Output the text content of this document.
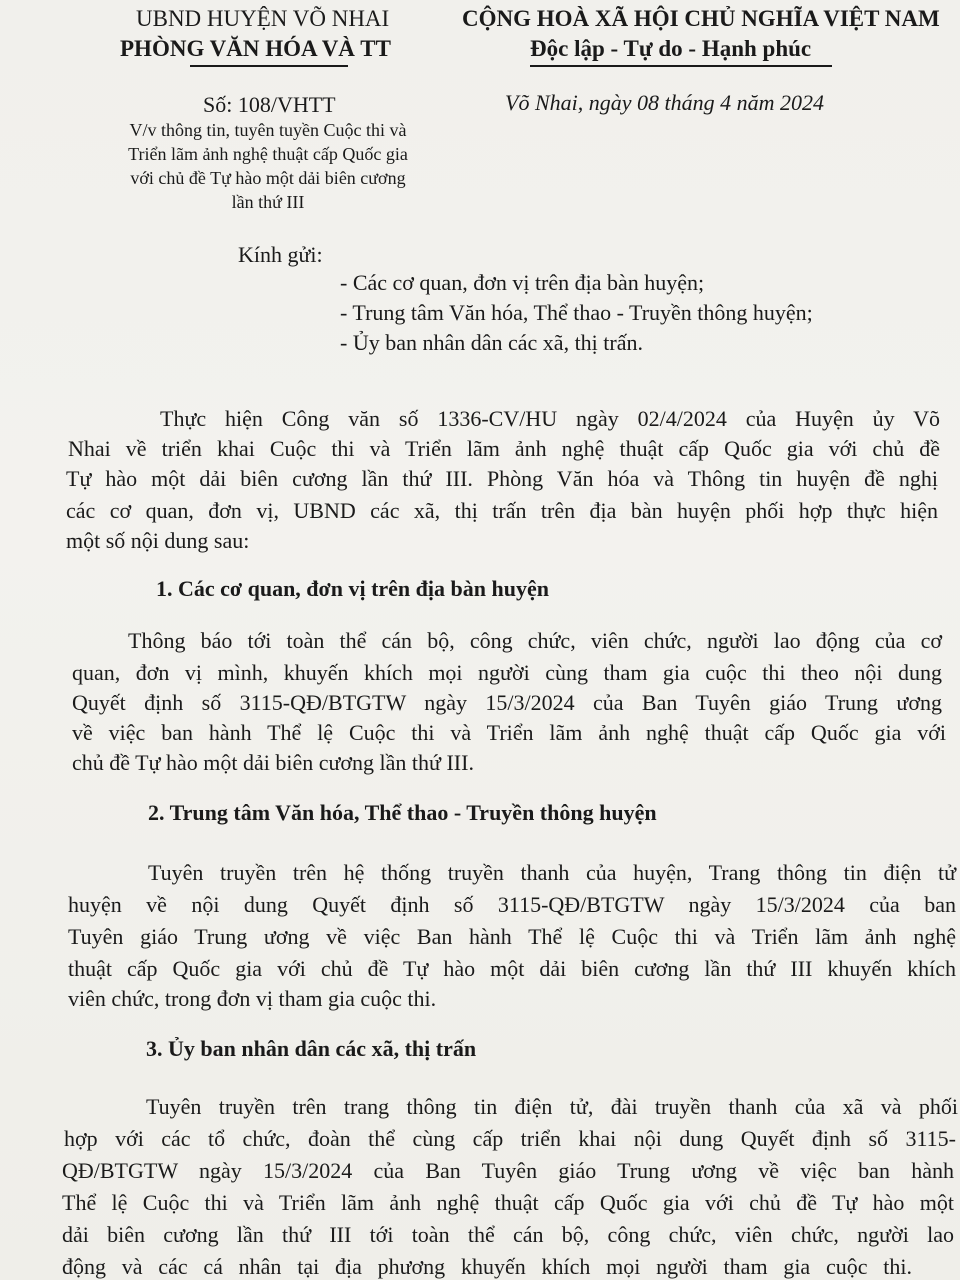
UBND HUYỆN VÕ NHAI
PHÒNG VĂN HÓA VÀ TT
CỘNG HOÀ XÃ HỘI CHỦ NGHĨA VIỆT NAM
Độc lập - Tự do - Hạnh phúc
Số: 108/VHTT	Võ Nhai, ngày 08 tháng 4 năm 2024
V/v thông tin, tuyên tuyền Cuộc thi và
Triển lãm ảnh nghệ thuật cấp Quốc gia
với chủ đề Tự hào một dải biên cương
lần thứ III
Kính gửi:
- Các cơ quan, đơn vị trên địa bàn huyện;
- Trung tâm Văn hóa, Thể thao - Truyền thông huyện;
- Ủy ban nhân dân các xã, thị trấn.
Thực hiện Công văn số 1336-CV/HU ngày 02/4/2024 của Huyện ủy Võ
Nhai về triển khai Cuộc thi và Triển lãm ảnh nghệ thuật cấp Quốc gia với chủ đề
Tự hào một dải biên cương lần thứ III. Phòng Văn hóa và Thông tin huyện đề nghị
các cơ quan, đơn vị, UBND các xã, thị trấn trên địa bàn huyện phối hợp thực hiện
một số nội dung sau:
1. Các cơ quan, đơn vị trên địa bàn huyện
Thông báo tới toàn thể cán bộ, công chức, viên chức, người lao động của cơ
quan, đơn vị mình, khuyến khích mọi người cùng tham gia cuộc thi theo nội dung
Quyết định số 3115-QĐ/BTGTW ngày 15/3/2024 của Ban Tuyên giáo Trung ương
về việc ban hành Thể lệ Cuộc thi và Triển lãm ảnh nghệ thuật cấp Quốc gia với
chủ đề Tự hào một dải biên cương lần thứ III.
2. Trung tâm Văn hóa, Thể thao - Truyền thông huyện
Tuyên truyền trên hệ thống truyền thanh của huyện, Trang thông tin điện tử
huyện về nội dung Quyết định số 3115-QĐ/BTGTW ngày 15/3/2024 của ban
Tuyên giáo Trung ương về việc Ban hành Thể lệ Cuộc thi và Triển lãm ảnh nghệ
thuật cấp Quốc gia với chủ đề Tự hào một dải biên cương lần thứ III khuyến khích
viên chức, trong đơn vị tham gia cuộc thi.
3. Ủy ban nhân dân các xã, thị trấn
Tuyên truyền trên trang thông tin điện tử, đài truyền thanh của xã và phối
hợp với các tổ chức, đoàn thể cùng cấp triển khai nội dung Quyết định số 3115-
QĐ/BTGTW ngày 15/3/2024 của Ban Tuyên giáo Trung ương về việc ban hành
Thể lệ Cuộc thi và Triển lãm ảnh nghệ thuật cấp Quốc gia với chủ đề Tự hào một
dải biên cương lần thứ III tới toàn thể cán bộ, công chức, viên chức, người lao
động và các cá nhân tại địa phương khuyến khích mọi người tham gia cuộc thi.
